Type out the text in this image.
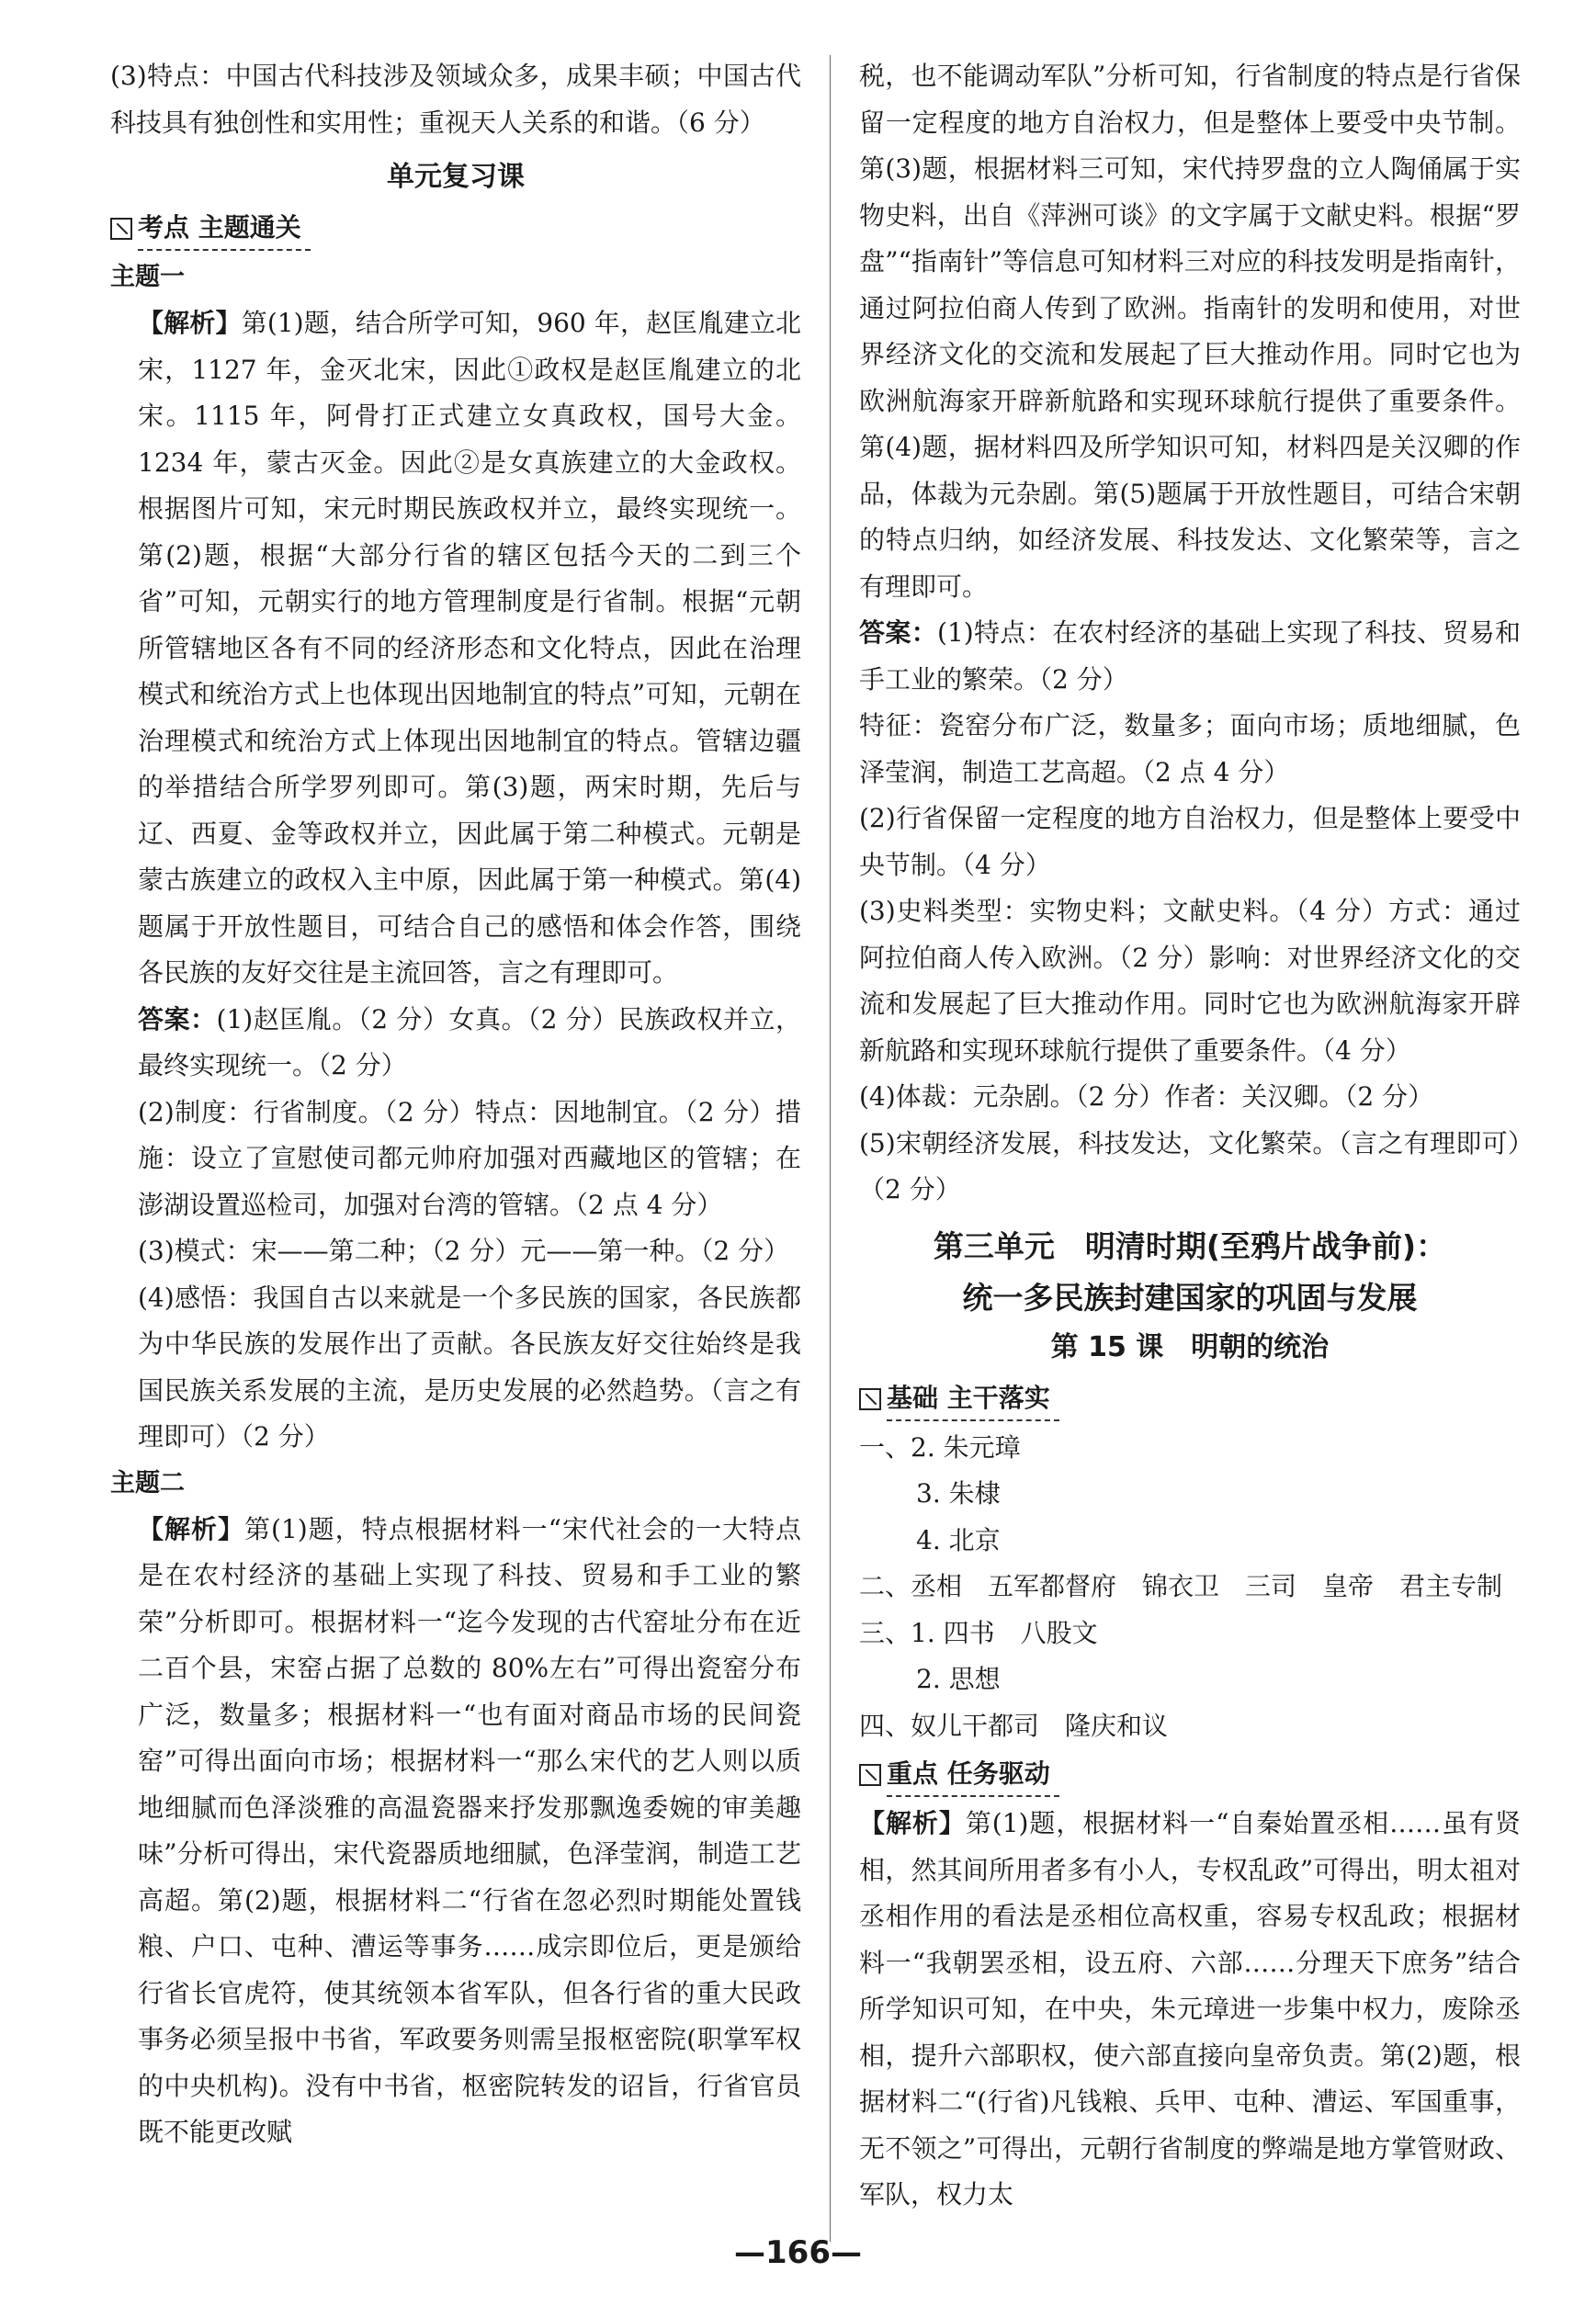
(3)特点：中国古代科技涉及领域众多，成果丰硕；中国古代科技具有独创性和实用性；重视天人关系的和谐。（6 分）

单元复习课
考点 主题通关

主题一

【解析】第(1)题，结合所学可知，960 年，赵匡胤建立北宋，1127 年，金灭北宋，因此①政权是赵匡胤建立的北宋。1115 年，阿骨打正式建立女真政权，国号大金。1234 年，蒙古灭金。因此②是女真族建立的大金政权。根据图片可知，宋元时期民族政权并立，最终实现统一。第(2)题，根据“大部分行省的辖区包括今天的二到三个省”可知，元朝实行的地方管理制度是行省制。根据“元朝所管辖地区各有不同的经济形态和文化特点，因此在治理模式和统治方式上也体现出因地制宜的特点”可知，元朝在治理模式和统治方式上体现出因地制宜的特点。管辖边疆的举措结合所学罗列即可。第(3)题，两宋时期，先后与辽、西夏、金等政权并立，因此属于第二种模式。元朝是蒙古族建立的政权入主中原，因此属于第一种模式。第(4)题属于开放性题目，可结合自己的感悟和体会作答，围绕各民族的友好交往是主流回答，言之有理即可。

答案：(1)赵匡胤。（2 分）女真。（2 分）民族政权并立，最终实现统一。（2 分）

(2)制度：行省制度。（2 分）特点：因地制宜。（2 分）措施：设立了宣慰使司都元帅府加强对西藏地区的管辖；在澎湖设置巡检司，加强对台湾的管辖。（2 点 4 分）

(3)模式：宋——第二种；（2 分）元——第一种。（2 分）

(4)感悟：我国自古以来就是一个多民族的国家，各民族都为中华民族的发展作出了贡献。各民族友好交往始终是我国民族关系发展的主流，是历史发展的必然趋势。（言之有理即可）（2 分）

主题二

【解析】第(1)题，特点根据材料一“宋代社会的一大特点是在农村经济的基础上实现了科技、贸易和手工业的繁荣”分析即可。根据材料一“迄今发现的古代窑址分布在近二百个县，宋窑占据了总数的 80%左右”可得出瓷窑分布广泛，数量多；根据材料一“也有面对商品市场的民间瓷窑”可得出面向市场；根据材料一“那么宋代的艺人则以质地细腻而色泽淡雅的高温瓷器来抒发那飘逸委婉的审美趣味”分析可得出，宋代瓷器质地细腻，色泽莹润，制造工艺高超。第(2)题，根据材料二“行省在忽必烈时期能处置钱粮、户口、屯种、漕运等事务……成宗即位后，更是颁给行省长官虎符，使其统领本省军队，但各行省的重大民政事务必须呈报中书省，军政要务则需呈报枢密院(职掌军权的中央机构)。没有中书省，枢密院转发的诏旨，行省官员既不能更改赋

税，也不能调动军队”分析可知，行省制度的特点是行省保留一定程度的地方自治权力，但是整体上要受中央节制。第(3)题，根据材料三可知，宋代持罗盘的立人陶俑属于实物史料，出自《萍洲可谈》的文字属于文献史料。根据“罗盘”“指南针”等信息可知材料三对应的科技发明是指南针，通过阿拉伯商人传到了欧洲。指南针的发明和使用，对世界经济文化的交流和发展起了巨大推动作用。同时它也为欧洲航海家开辟新航路和实现环球航行提供了重要条件。第(4)题，据材料四及所学知识可知，材料四是关汉卿的作品，体裁为元杂剧。第(5)题属于开放性题目，可结合宋朝的特点归纳，如经济发展、科技发达、文化繁荣等，言之有理即可。

答案：(1)特点：在农村经济的基础上实现了科技、贸易和手工业的繁荣。（2 分）

特征：瓷窑分布广泛，数量多；面向市场；质地细腻，色泽莹润，制造工艺高超。（2 点 4 分）

(2)行省保留一定程度的地方自治权力，但是整体上要受中央节制。（4 分）

(3)史料类型：实物史料；文献史料。（4 分）方式：通过阿拉伯商人传入欧洲。（2 分）影响：对世界经济文化的交流和发展起了巨大推动作用。同时它也为欧洲航海家开辟新航路和实现环球航行提供了重要条件。（4 分）

(4)体裁：元杂剧。（2 分）作者：关汉卿。（2 分）

(5)宋朝经济发展，科技发达，文化繁荣。（言之有理即可）（2 分）

第三单元　明清时期(至鸦片战争前)：
统一多民族封建国家的巩固与发展
第 15 课　明朝的统治
基础 主干落实

一、2. 朱元璋

3. 朱棣

4. 北京

二、丞相　五军都督府　锦衣卫　三司　皇帝　君主专制

三、1. 四书　八股文

2. 思想

四、奴儿干都司　隆庆和议

重点 任务驱动

【解析】第(1)题，根据材料一“自秦始置丞相……虽有贤相，然其间所用者多有小人，专权乱政”可得出，明太祖对丞相作用的看法是丞相位高权重，容易专权乱政；根据材料一“我朝罢丞相，设五府、六部……分理天下庶务”结合所学知识可知，在中央，朱元璋进一步集中权力，废除丞相，提升六部职权，使六部直接向皇帝负责。第(2)题，根据材料二“(行省)凡钱粮、兵甲、屯种、漕运、军国重事，无不领之”可得出，元朝行省制度的弊端是地方掌管财政、军队，权力太

—166—
